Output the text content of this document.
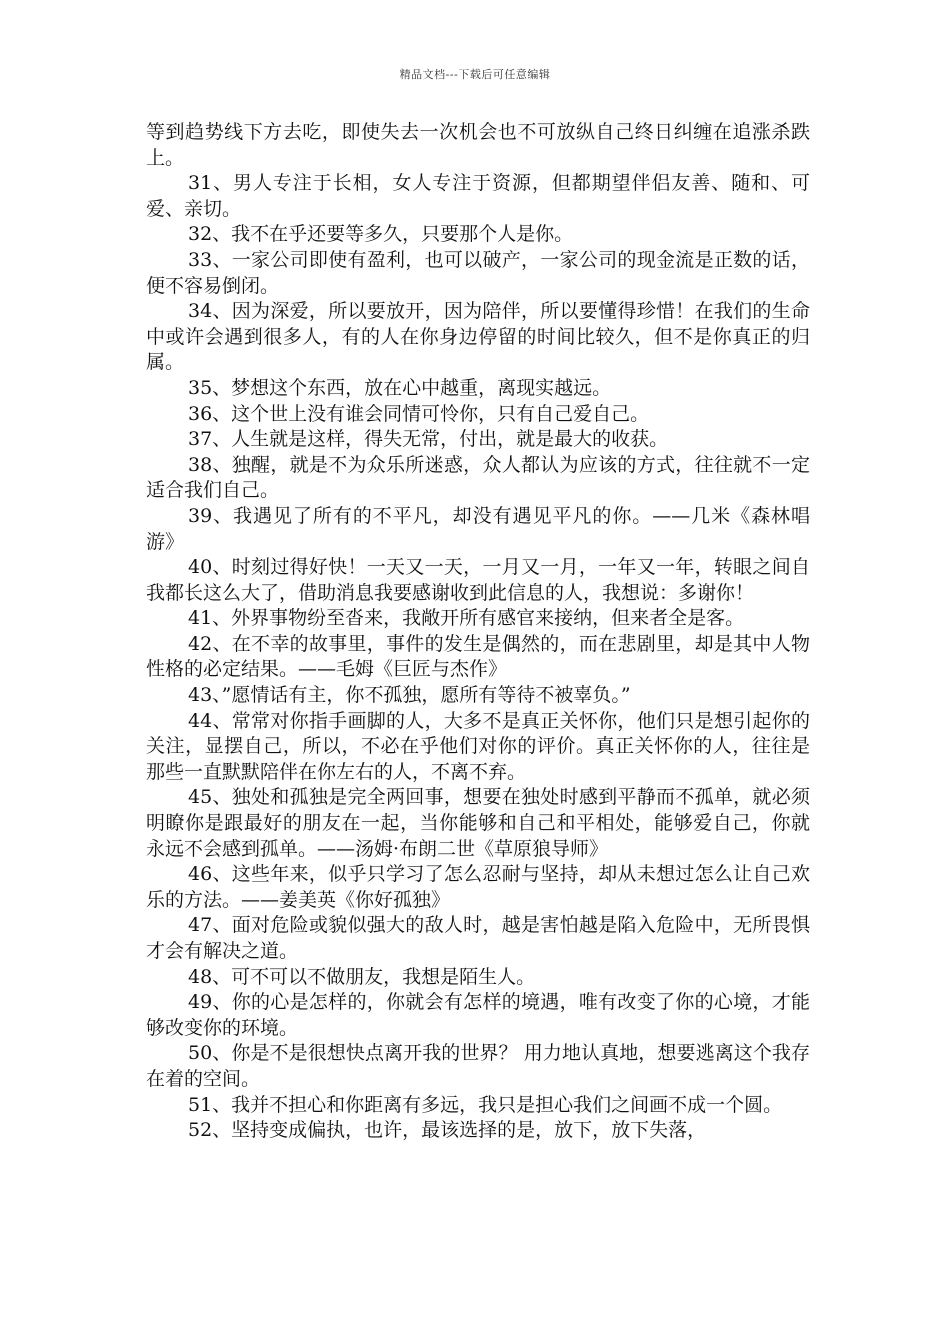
精品文档---下载后可任意编辑

等到趋势线下方去吃，即使失去一次机会也不可放纵自己终日纠缠在追涨杀跌上。

31、男人专注于长相，女人专注于资源，但都期望伴侣友善、随和、可爱、亲切。

32、我不在乎还要等多久，只要那个人是你。

33、一家公司即使有盈利，也可以破产，一家公司的现金流是正数的话，便不容易倒闭。

34、因为深爱，所以要放开，因为陪伴，所以要懂得珍惜！在我们的生命中或许会遇到很多人，有的人在你身边停留的时间比较久，但不是你真正的归属。

35、梦想这个东西，放在心中越重，离现实越远。

36、这个世上没有谁会同情可怜你，只有自己爱自己。

37、人生就是这样，得失无常，付出，就是最大的收获。

38、独醒，就是不为众乐所迷惑，众人都认为应该的方式，往往就不一定适合我们自己。

39、我遇见了所有的不平凡，却没有遇见平凡的你。——几米《森林唱游》

40、时刻过得好快！一天又一天，一月又一月，一年又一年，转眼之间自我都长这么大了，借助消息我要感谢收到此信息的人，我想说：多谢你！

41、外界事物纷至沓来，我敞开所有感官来接纳，但来者全是客。

42、在不幸的故事里，事件的发生是偶然的，而在悲剧里，却是其中人物性格的必定结果。——毛姆《巨匠与杰作》

43、”愿情话有主，你不孤独，愿所有等待不被辜负。”

44、常常对你指手画脚的人，大多不是真正关怀你，他们只是想引起你的关注，显摆自己，所以，不必在乎他们对你的评价。真正关怀你的人，往往是那些一直默默陪伴在你左右的人，不离不弃。

45、独处和孤独是完全两回事，想要在独处时感到平静而不孤单，就必须明瞭你是跟最好的朋友在一起，当你能够和自己和平相处，能够爱自己，你就永远不会感到孤单。——汤姆·布朗二世《草原狼导师》

46、这些年来，似乎只学习了怎么忍耐与坚持，却从未想过怎么让自己欢乐的方法。——姜美英《你好孤独》

47、面对危险或貌似强大的敌人时，越是害怕越是陷入危险中，无所畏惧才会有解决之道。

48、可不可以不做朋友，我想是陌生人。

49、你的心是怎样的，你就会有怎样的境遇，唯有改变了你的心境，才能够改变你的环境。

50、你是不是很想快点离开我的世界？ 用力地认真地，想要逃离这个我存在着的空间。

51、我并不担心和你距离有多远，我只是担心我们之间画不成一个圆。

52、坚持变成偏执，也许，最该选择的是，放下，放下失落，
